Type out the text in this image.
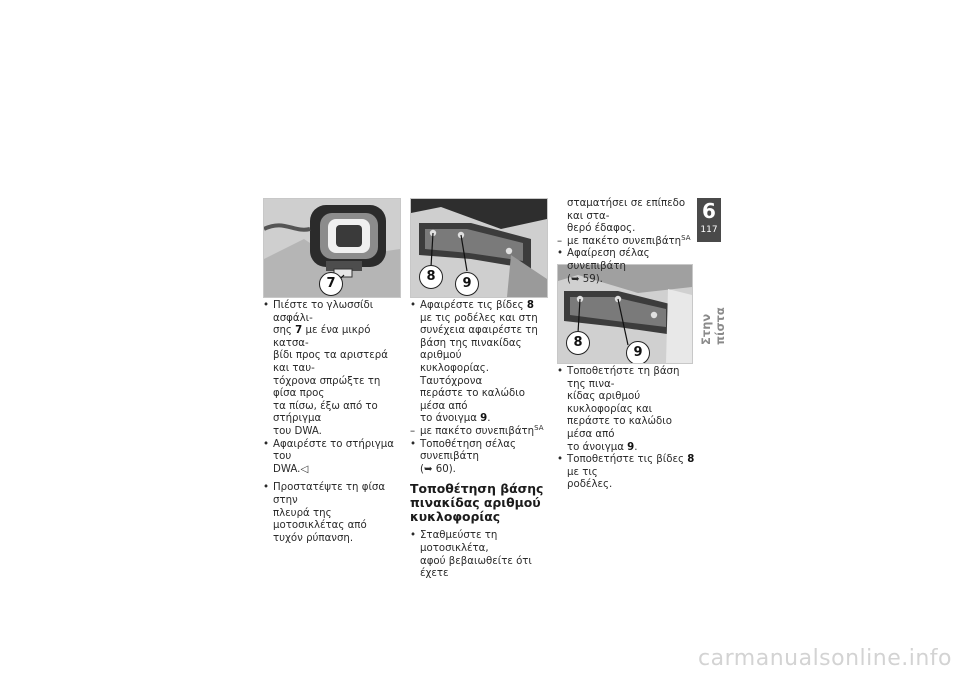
7	8	9
8
9
• Πιέστε το γλωσσίδι ασφάλι-
σης 7 με ένα μικρό κατσα-
βίδι προς τα αριστερά και ταυ-
τόχρονα σπρώξτε τη φίσα προς
τα πίσω, έξω από το στήριγμα
του DWA.
• Αφαιρέστε το στήριγμα του
DWA.◁
• Προστατέψτε τη φίσα στην
πλευρά της μοτοσικλέτας από
τυχόν ρύπανση.
• Αφαιρέστε τις βίδες 8
με τις ροδέλες και στη
συνέχεια αφαιρέστε τη
βάση της πινακίδας αριθμού
κυκλοφορίας. Ταυτόχρονα
περάστε το καλώδιο μέσα από
το άνοιγμα 9.
– με πακέτο συνεπιβάτη$^{SA}$
• Τοποθέτηση σέλας συνεπιβάτη
(➥ 60).
Τοποθέτηση βάσης
πινακίδας αριθμού
κυκλοφορίας
• Σταθμεύστε τη μοτοσικλέτα,
αφού βεβαιωθείτε ότι έχετε
σταματήσει σε επίπεδο και στα-
θερό έδαφος.
– με πακέτο συνεπιβάτη$^{SA}$
• Αφαίρεση σέλας συνεπιβάτη
(➥ 59).
• Τοποθετήστε τη βάση της πινα-
κίδας αριθμού κυκλοφορίας και
περάστε το καλώδιο μέσα από
το άνοιγμα 9.
• Τοποθετήστε τις βίδες 8 με τις
ροδέλες.
6
117
Στην πίστα
carmanualsonline.info
